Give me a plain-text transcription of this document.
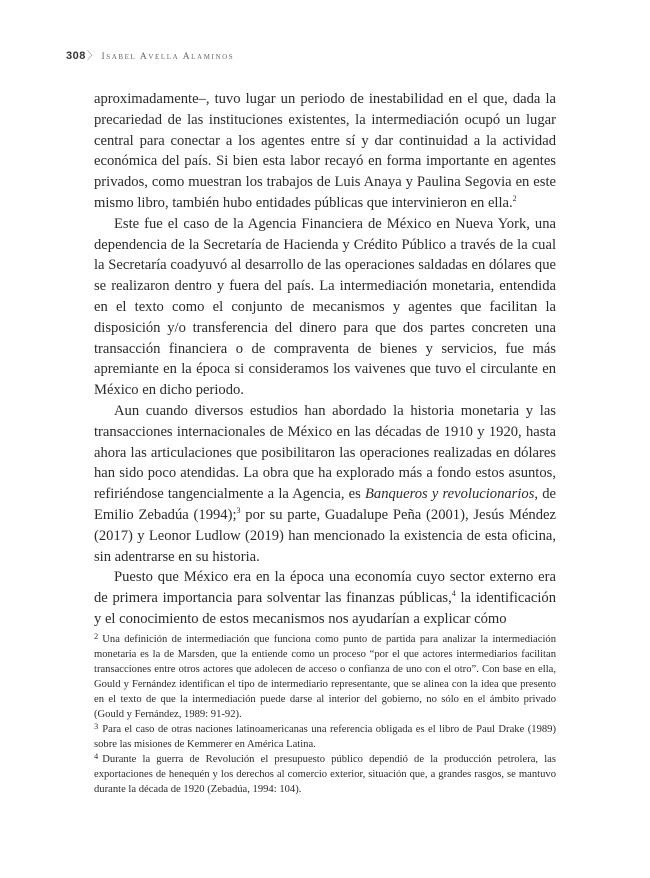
308〉 Isabel Avella Alaminos

aproximadamente–, tuvo lugar un periodo de inestabilidad en el que, dada la precariedad de las instituciones existentes, la intermediación ocupó un lugar central para conectar a los agentes entre sí y dar continuidad a la actividad económica del país. Si bien esta labor recayó en forma importante en agentes privados, como muestran los trabajos de Luis Anaya y Paulina Segovia en este mismo libro, también hubo entidades públicas que intervinieron en ella.$^2$

Este fue el caso de la Agencia Financiera de México en Nueva York, una dependencia de la Secretaría de Hacienda y Crédito Público a través de la cual la Secretaría coadyuvó al desarrollo de las operaciones saldadas en dólares que se realizaron dentro y fuera del país. La intermediación monetaria, entendida en el texto como el conjunto de mecanismos y agentes que facilitan la disposición y/o transferencia del dinero para que dos partes concreten una transacción financiera o de compraventa de bienes y servicios, fue más apremiante en la época si consideramos los vaivenes que tuvo el circulante en México en dicho periodo.

Aun cuando diversos estudios han abordado la historia monetaria y las transacciones internacionales de México en las décadas de 1910 y 1920, hasta ahora las articulaciones que posibilitaron las operaciones realizadas en dólares han sido poco atendidas. La obra que ha explorado más a fondo estos asuntos, refiriéndose tangencialmente a la Agencia, es Banqueros y revolucionarios, de Emilio Zebadúa (1994);$^3$ por su parte, Guadalupe Peña (2001), Jesús Méndez (2017) y Leonor Ludlow (2019) han mencionado la existencia de esta oficina, sin adentrarse en su historia.

Puesto que México era en la época una economía cuyo sector externo era de primera importancia para solventar las finanzas públicas,$^4$ la identificación y el conocimiento de estos mecanismos nos ayudarían a explicar cómo

$^2$ Una definición de intermediación que funciona como punto de partida para analizar la intermediación monetaria es la de Marsden, que la entiende como un proceso “por el que actores intermediarios facilitan transacciones entre otros actores que adolecen de acceso o confianza de uno con el otro”. Con base en ella, Gould y Fernández identifican el tipo de intermediario representante, que se alinea con la idea que presento en el texto de que la intermediación puede darse al interior del gobierno, no sólo en el ámbito privado (Gould y Fernández, 1989: 91-92).

$^3$ Para el caso de otras naciones latinoamericanas una referencia obligada es el libro de Paul Drake (1989) sobre las misiones de Kemmerer en América Latina.

$^4$ Durante la guerra de Revolución el presupuesto público dependió de la producción petrolera, las exportaciones de henequén y los derechos al comercio exterior, situación que, a grandes rasgos, se mantuvo durante la década de 1920 (Zebadúa, 1994: 104).
